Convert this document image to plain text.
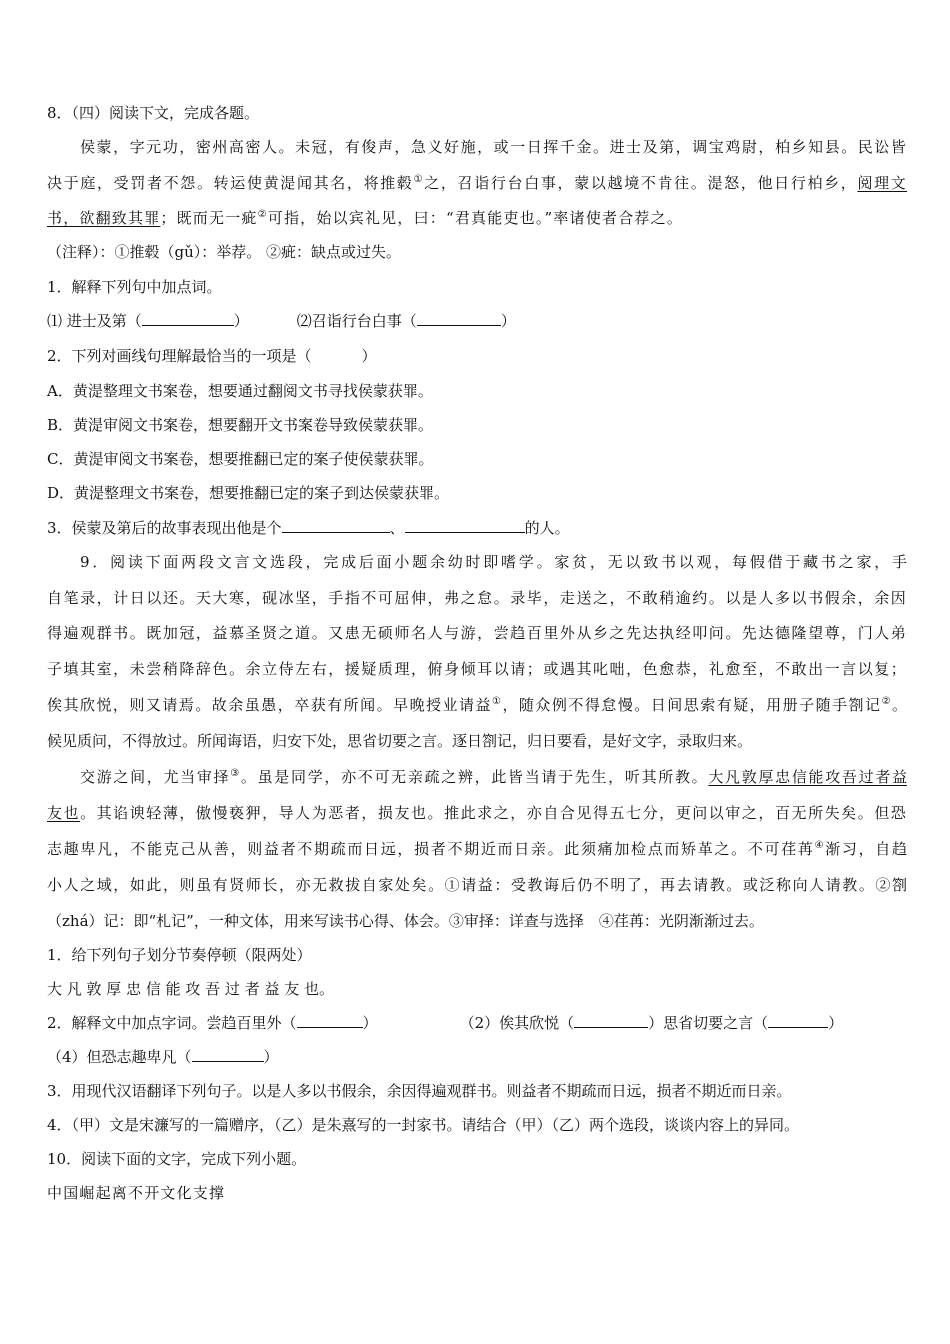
8．（四）阅读下文，完成各题。
侯蒙，字元功，密州高密人。未冠，有俊声，急义好施，或一日挥千金。进士及第，调宝鸡尉，柏乡知县。民讼皆
决于庭，受罚者不怨。转运使黄湜闻其名，将推毂①之，召诣行台白事，蒙以越境不肯往。湜怒，他日行柏乡，阅理文
书，欲翻致其罪；既而无一疵②可指，始以宾礼见，曰：“君真能吏也。”率诸使者合荐之。
（注释）：①推毂（gǔ）：举荐。 ②疵：缺点或过失。
1．解释下列句中加点词。
⑴ 进士及第（	）	⑵召诣行台白事（	）
2．下列对画线句理解最恰当的一项是（	）
A．黄湜整理文书案卷，想要通过翻阅文书寻找侯蒙获罪。
B．黄湜审阅文书案卷，想要翻开文书案卷导致侯蒙获罪。
C．黄湜审阅文书案卷，想要推翻已定的案子使侯蒙获罪。
D．黄湜整理文书案卷，想要推翻已定的案子到达侯蒙获罪。
3．侯蒙及第后的故事表现出他是个	、	的人。
9．阅读下面两段文言文选段，完成后面小题余幼时即嗜学。家贫，无以致书以观，每假借于藏书之家，手
自笔录，计日以还。天大寒，砚冰坚，手指不可屈伸，弗之怠。录毕，走送之，不敢稍逾约。以是人多以书假余，余因
得遍观群书。既加冠，益慕圣贤之道。又患无硕师名人与游，尝趋百里外从乡之先达执经叩问。先达德隆望尊，门人弟
子填其室，未尝稍降辞色。余立侍左右，援疑质理，俯身倾耳以请；或遇其叱咄，色愈恭，礼愈至，不敢出一言以复；
俟其欣悦，则又请焉。故余虽愚，卒获有所闻。早晚授业请益①，随众例不得怠慢。日间思索有疑，用册子随手劄记②。
候见质问，不得放过。所闻诲语，归安下处，思省切要之言。逐日劄记，归日要看，是好文字，录取归来。
交游之间，尤当审择③。虽是同学，亦不可无亲疏之辨，此皆当请于先生，听其所教。大凡敦厚忠信能攻吾过者益
友也。其谄谀轻薄，傲慢亵狎，导人为恶者，损友也。推此求之，亦自合见得五七分，更问以审之，百无所失矣。但恐
志趣卑凡，不能克己从善，则益者不期疏而日远，损者不期近而日亲。此须痛加检点而矫革之。不可荏苒④渐习，自趋
小人之域，如此，则虽有贤师长，亦无救拔自家处矣。①请益：受教诲后仍不明了，再去请教。或泛称向人请教。②劄
（zhá）记：即“札记”，一种文体，用来写读书心得、体会。③审择：详查与选择　④荏苒：光阴渐渐过去。
1．给下列句子划分节奏停顿（限两处）
大 凡 敦 厚 忠 信 能 攻 吾 过 者 益 友 也。
2．解释文中加点字词。尝趋百里外（	）	（2）俟其欣悦（	）思省切要之言（	）
（4）但恐志趣卑凡（	）
3．用现代汉语翻译下列句子。以是人多以书假余，余因得遍观群书。则益者不期疏而日远，损者不期近而日亲。
4．（甲）文是宋濂写的一篇赠序，（乙）是朱熹写的一封家书。请结合（甲）（乙）两个选段，谈谈内容上的异同。
10．阅读下面的文字，完成下列小题。
中国崛起离不开文化支撑
